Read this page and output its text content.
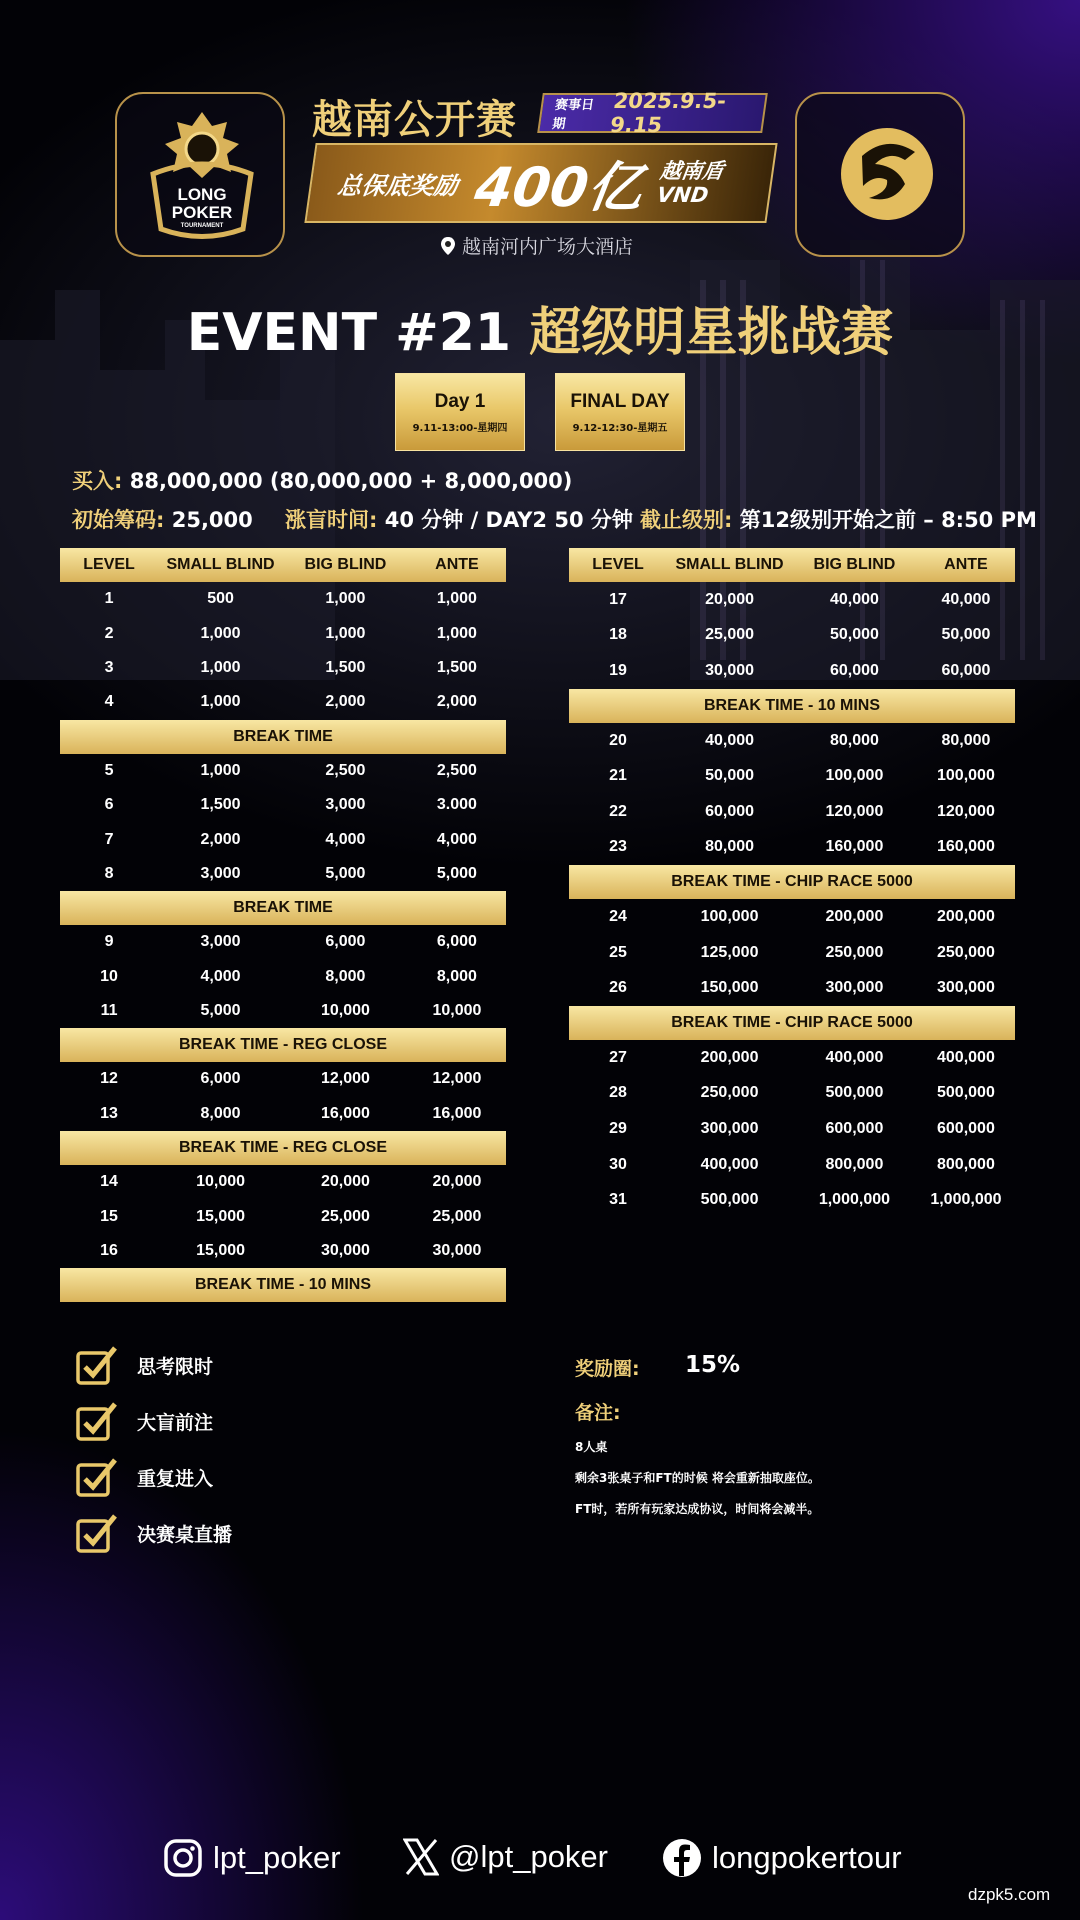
LONG
POKER
TOURNAMENT
越南公开赛	赛事日期
2025.9.5-9.15
总保底奖励 400亿 越南盾
VND
越南河内广场大酒店
EVENT #21 超级明星挑战赛
Day 1
9.11-13:00-星期四
FINAL DAY
9.12-12:30-星期五
买入: 88,000,000 (80,000,000 + 8,000,000)
初始筹码: 25,000 涨盲时间: 40 分钟 / DAY2 50 分钟 截止级别: 第12级别开始之前 – 8:50 PM
LEVEL	SMALL BLIND	BIG BLIND	ANTE
1	500	1,000	1,000
2	1,000	1,000	1,000
3	1,000	1,500	1,500
4	1,000	2,000	2,000
BREAK TIME			
5	1,000	2,500	2,500
6	1,500	3,000	3.000
7	2,000	4,000	4,000
8	3,000	5,000	5,000
BREAK TIME			
9	3,000	6,000	6,000
10	4,000	8,000	8,000
11	5,000	10,000	10,000
BREAK TIME - REG CLOSE			
12	6,000	12,000	12,000
13	8,000	16,000	16,000
BREAK TIME - REG CLOSE			
14	10,000	20,000	20,000
15	15,000	25,000	25,000
16	15,000	30,000	30,000
BREAK TIME - 10 MINS			
LEVEL	SMALL BLIND	BIG BLIND	ANTE
17	20,000	40,000	40,000
18	25,000	50,000	50,000
19	30,000	60,000	60,000
BREAK TIME - 10 MINS			
20	40,000	80,000	80,000
21	50,000	100,000	100,000
22	60,000	120,000	120,000
23	80,000	160,000	160,000
BREAK TIME - CHIP RACE 5000			
24	100,000	200,000	200,000
25	125,000	250,000	250,000
26	150,000	300,000	300,000
BREAK TIME - CHIP RACE 5000			
27	200,000	400,000	400,000
28	250,000	500,000	500,000
29	300,000	600,000	600,000
30	400,000	800,000	800,000
31	500,000	1,000,000	1,000,000
思考限时
大盲前注
重复进入
决赛桌直播
奖励圈: 15%
备注:
8人桌
剩余3张桌子和FT的时候 将会重新抽取座位。
FT时，若所有玩家达成协议，时间将会减半。
lpt_poker	@lpt_poker	longpokertour
dzpk5.com
